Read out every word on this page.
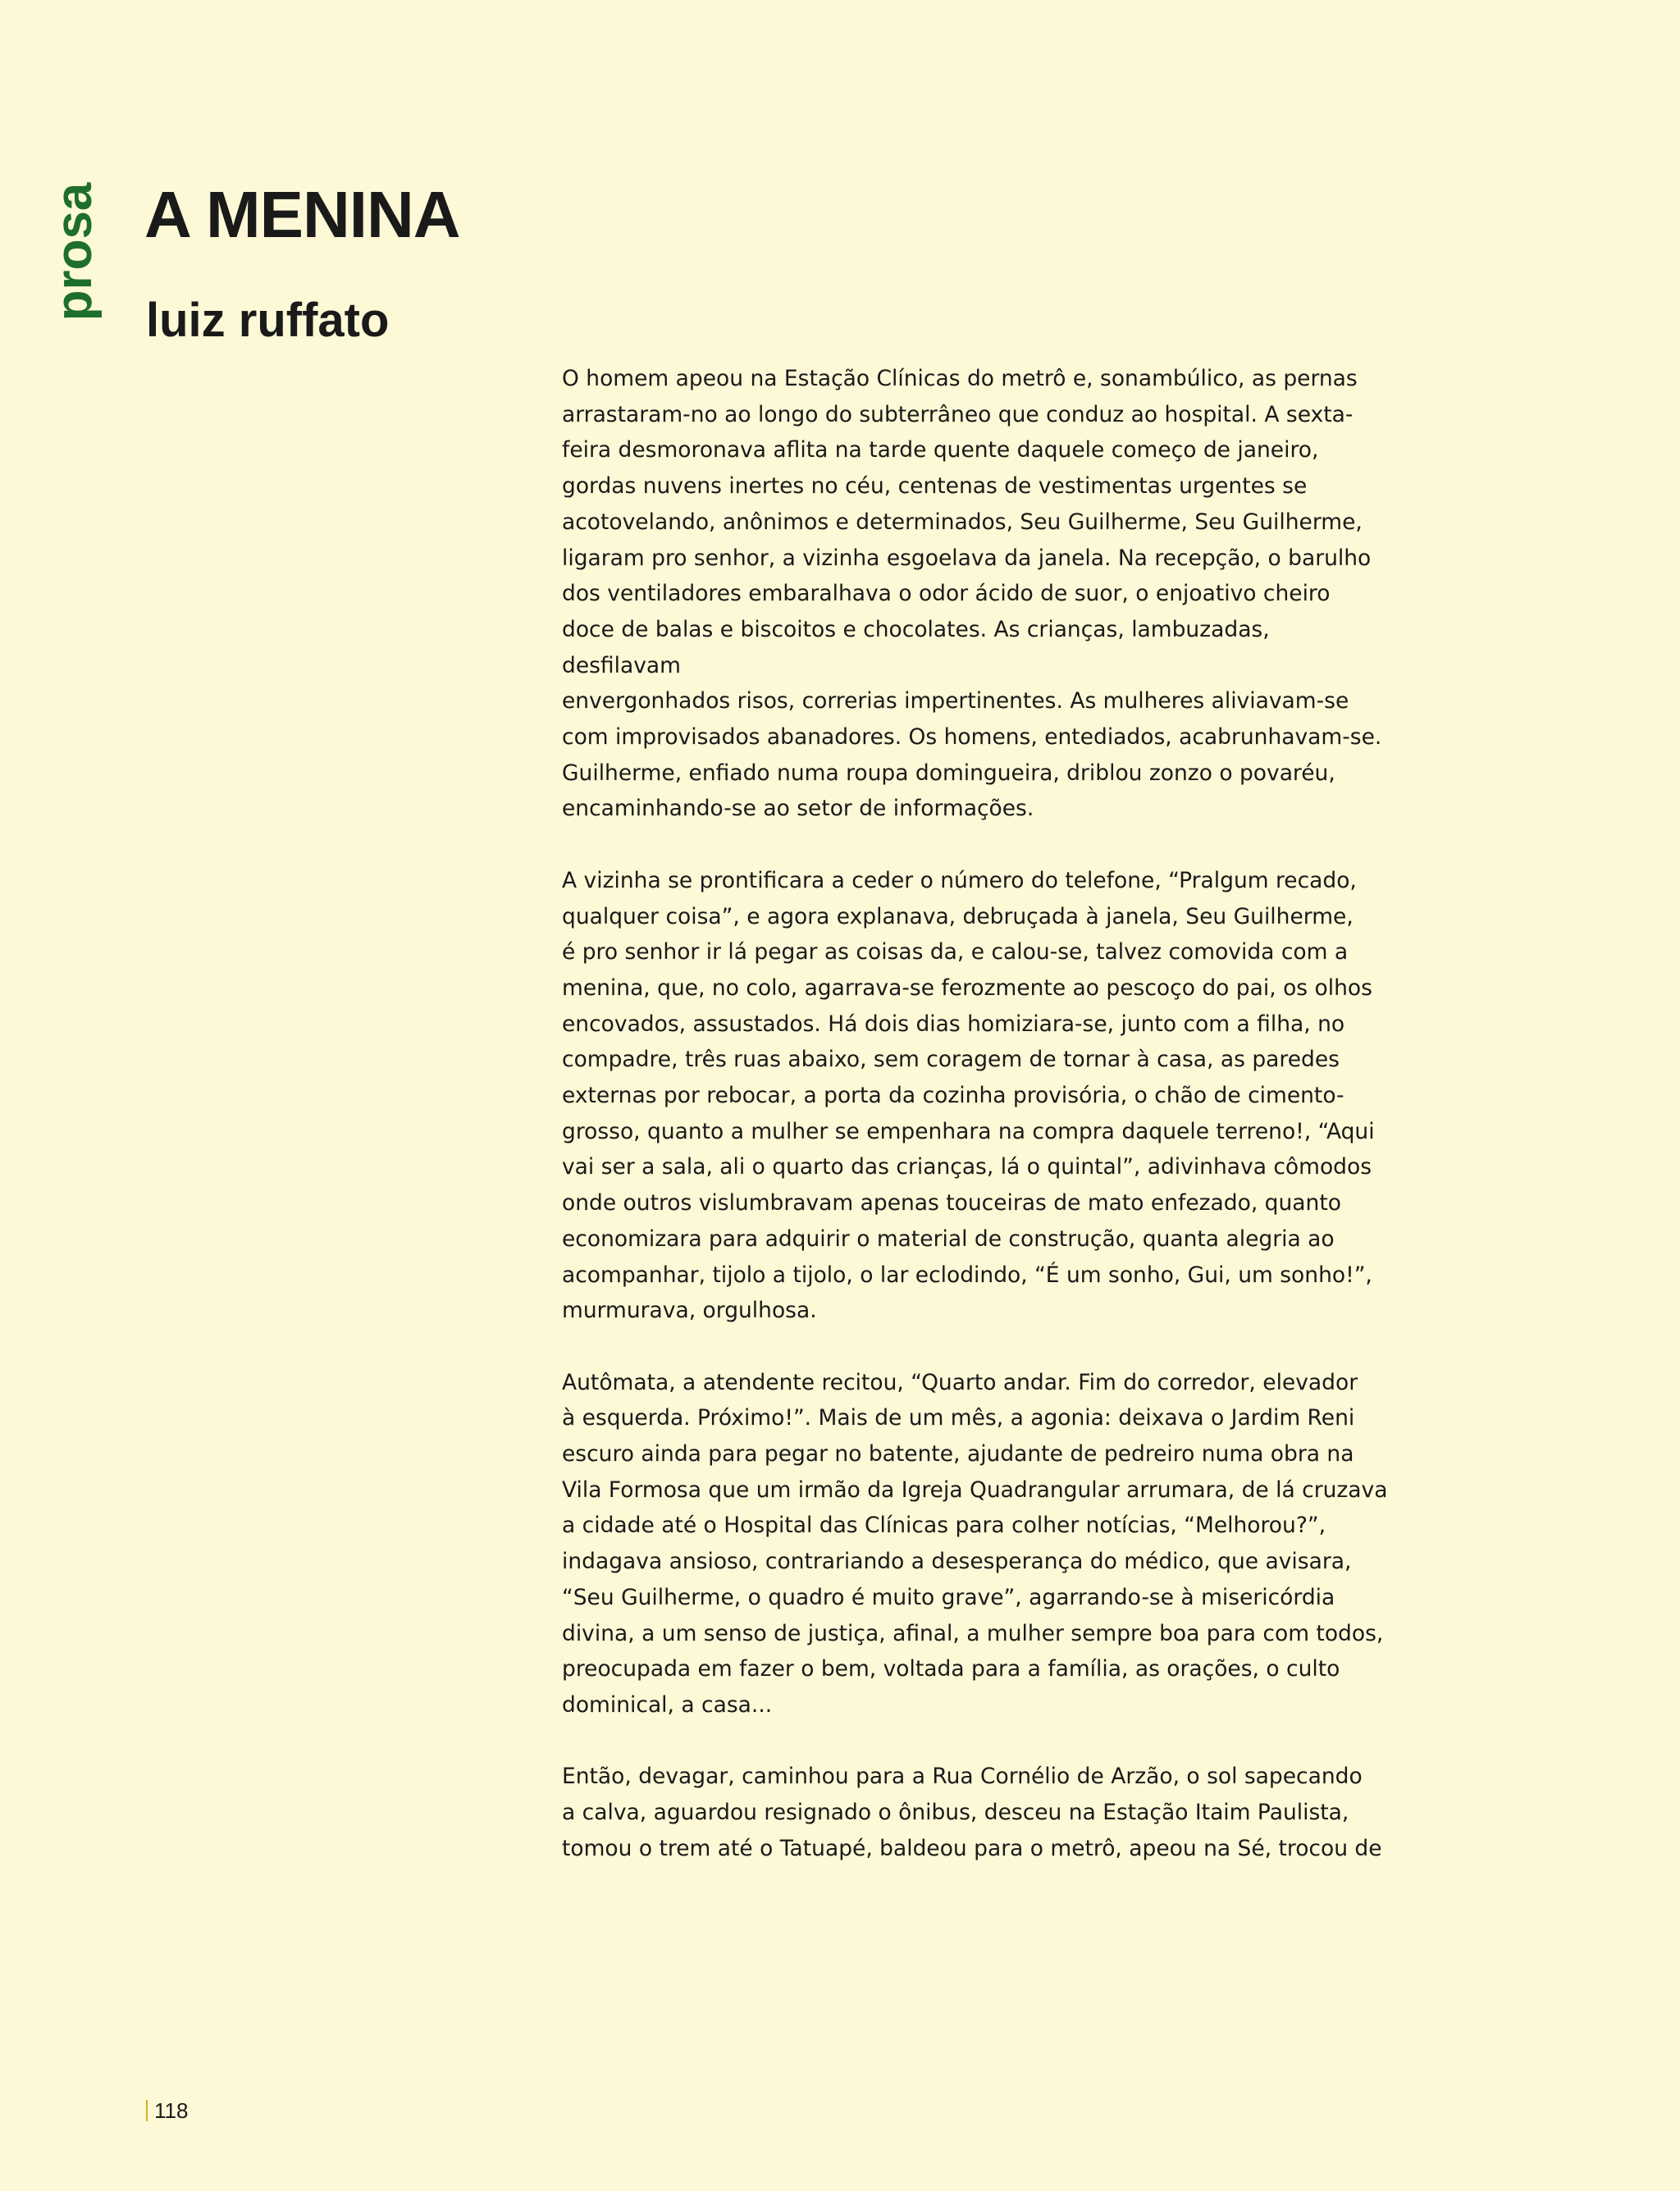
prosa A MENINA
luiz ruffato

O homem apeou na Estação Clínicas do metrô e, sonambúlico, as pernas
arrastaram-no ao longo do subterrâneo que conduz ao hospital. A sexta-
feira desmoronava aflita na tarde quente daquele começo de janeiro,
gordas nuvens inertes no céu, centenas de vestimentas urgentes se
acotovelando, anônimos e determinados, Seu Guilherme, Seu Guilherme,
ligaram pro senhor, a vizinha esgoelava da janela. Na recepção, o barulho
dos ventiladores embaralhava o odor ácido de suor, o enjoativo cheiro
doce de balas e biscoitos e chocolates. As crianças, lambuzadas, desfilavam
envergonhados risos, correrias impertinentes. As mulheres aliviavam-se
com improvisados abanadores. Os homens, entediados, acabrunhavam-se.
Guilherme, enfiado numa roupa domingueira, driblou zonzo o povaréu,
encaminhando-se ao setor de informações.

A vizinha se prontificara a ceder o número do telefone, “Pralgum recado,
qualquer coisa”, e agora explanava, debruçada à janela, Seu Guilherme,
é pro senhor ir lá pegar as coisas da, e calou-se, talvez comovida com a
menina, que, no colo, agarrava-se ferozmente ao pescoço do pai, os olhos
encovados, assustados. Há dois dias homiziara-se, junto com a filha, no
compadre, três ruas abaixo, sem coragem de tornar à casa, as paredes
externas por rebocar, a porta da cozinha provisória, o chão de cimento-
grosso, quanto a mulher se empenhara na compra daquele terreno!, “Aqui
vai ser a sala, ali o quarto das crianças, lá o quintal”, adivinhava cômodos
onde outros vislumbravam apenas touceiras de mato enfezado, quanto
economizara para adquirir o material de construção, quanta alegria ao
acompanhar, tijolo a tijolo, o lar eclodindo, “É um sonho, Gui, um sonho!”,
murmurava, orgulhosa.

Autômata, a atendente recitou, “Quarto andar. Fim do corredor, elevador
à esquerda. Próximo!”. Mais de um mês, a agonia: deixava o Jardim Reni
escuro ainda para pegar no batente, ajudante de pedreiro numa obra na
Vila Formosa que um irmão da Igreja Quadrangular arrumara, de lá cruzava
a cidade até o Hospital das Clínicas para colher notícias, “Melhorou?”,
indagava ansioso, contrariando a desesperança do médico, que avisara,
“Seu Guilherme, o quadro é muito grave”, agarrando-se à misericórdia
divina, a um senso de justiça, afinal, a mulher sempre boa para com todos,
preocupada em fazer o bem, voltada para a família, as orações, o culto
dominical, a casa...

Então, devagar, caminhou para a Rua Cornélio de Arzão, o sol sapecando
a calva, aguardou resignado o ônibus, desceu na Estação Itaim Paulista,
tomou o trem até o Tatuapé, baldeou para o metrô, apeou na Sé, trocou de

118
